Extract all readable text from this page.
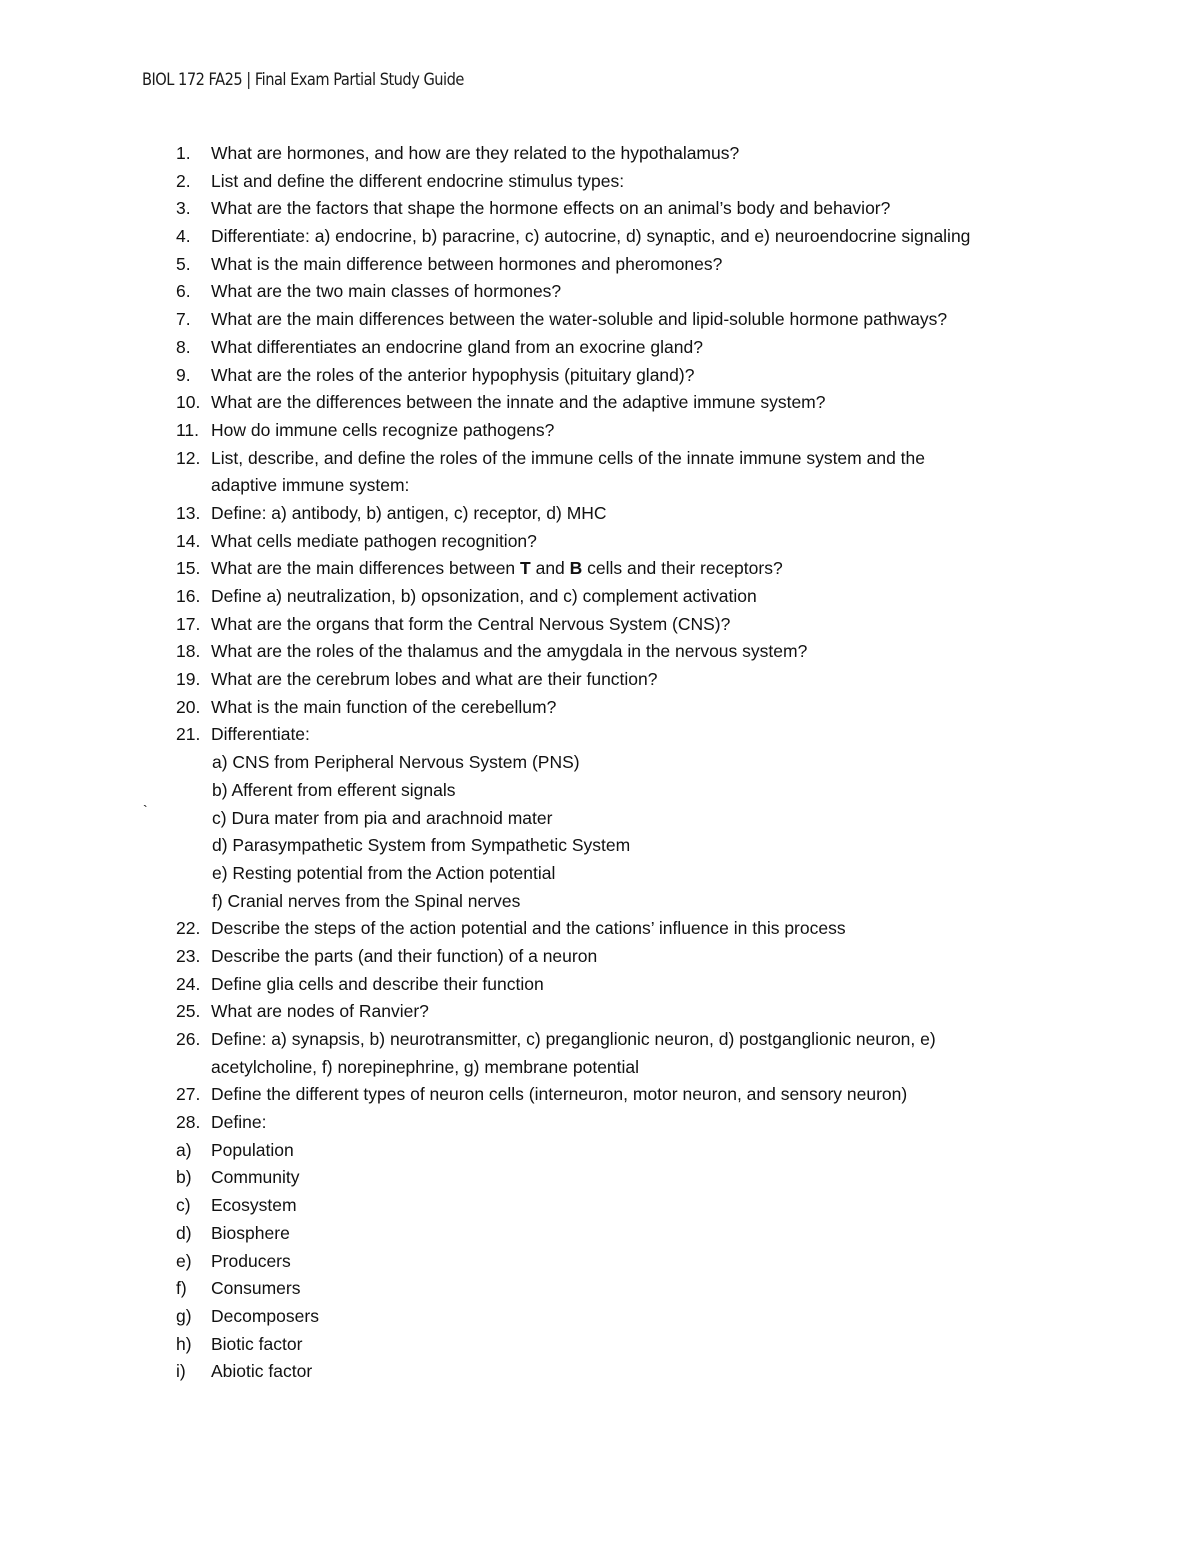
BIOL 172 FA25 | Final Exam Partial Study Guide
1. What are hormones, and how are they related to the hypothalamus?
2. List and define the different endocrine stimulus types:
3. What are the factors that shape the hormone effects on an animal’s body and behavior?
4. Differentiate: a) endocrine, b) paracrine, c) autocrine, d) synaptic, and e) neuroendocrine signaling
5. What is the main difference between hormones and pheromones?
6. What are the two main classes of hormones?
7. What are the main differences between the water-soluble and lipid-soluble hormone pathways?
8. What differentiates an endocrine gland from an exocrine gland?
9. What are the roles of the anterior hypophysis (pituitary gland)?
10. What are the differences between the innate and the adaptive immune system?
11. How do immune cells recognize pathogens?
12. List, describe, and define the roles of the immune cells of the innate immune system and the
adaptive immune system:
13. Define: a) antibody, b) antigen, c) receptor, d) MHC
14. What cells mediate pathogen recognition?
15. What are the main differences between T and B cells and their receptors?
16. Define a) neutralization, b) opsonization, and c) complement activation
17. What are the organs that form the Central Nervous System (CNS)?
18. What are the roles of the thalamus and the amygdala in the nervous system?
19. What are the cerebrum lobes and what are their function?
20. What is the main function of the cerebellum?
21. Differentiate:
a) CNS from Peripheral Nervous System (PNS)
b) Afferent from efferent signals
c) Dura mater from pia and arachnoid mater
d) Parasympathetic System from Sympathetic System
e) Resting potential from the Action potential
f) Cranial nerves from the Spinal nerves
22. Describe the steps of the action potential and the cations’ influence in this process
23. Describe the parts (and their function) of a neuron
24. Define glia cells and describe their function
25. What are nodes of Ranvier?
26. Define: a) synapsis, b) neurotransmitter, c) preganglionic neuron, d) postganglionic neuron, e)
acetylcholine, f) norepinephrine, g) membrane potential
27. Define the different types of neuron cells (interneuron, motor neuron, and sensory neuron)
28. Define:
a) Population
b) Community
c) Ecosystem
d) Biosphere
e) Producers
f) Consumers
g) Decomposers
h) Biotic factor
i) Abiotic factor
`
